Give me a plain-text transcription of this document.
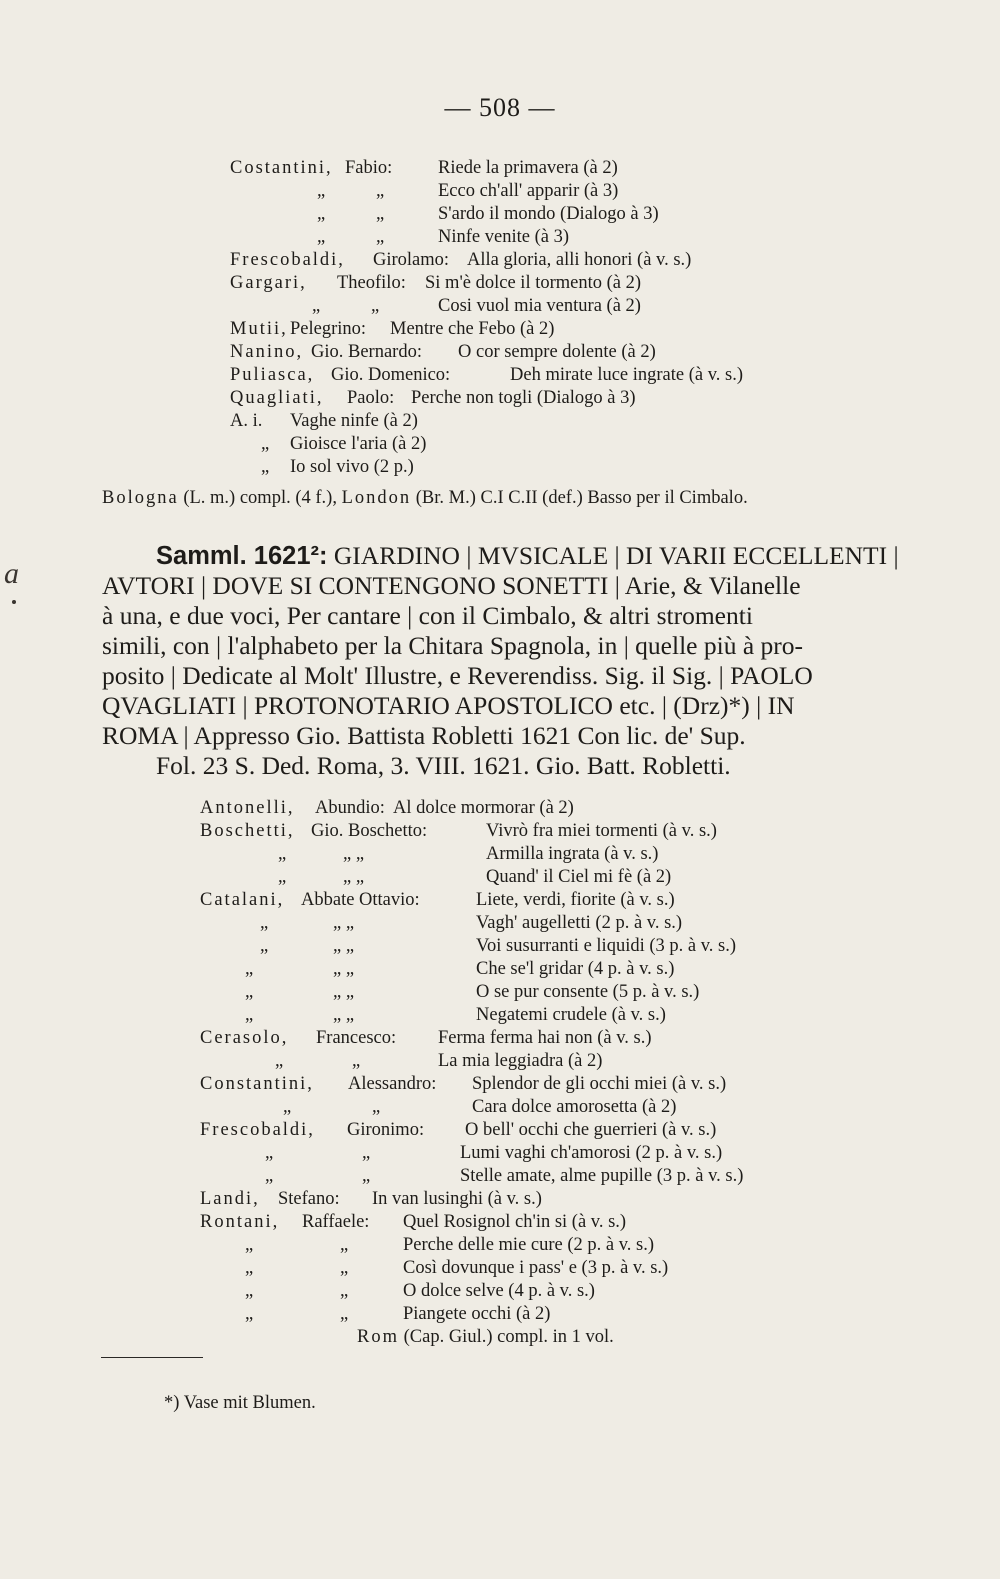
— 508 —
Costantini, Fabio: Riede la primavera (à 2)
„	„	Ecco ch'all' apparir (à 3)
„	„	S'ardo il mondo (Dialogo à 3)
„	„	Ninfe venite (à 3)
Frescobaldi, Girolamo: Alla gloria, alli honori (à v. s.)
Gargari, Theofilo: Si m'è dolce il tormento (à 2)
„	„	Cosi vuol mia ventura (à 2)
Mutii, Pelegrino: Mentre che Febo (à 2)
Nanino, Gio. Bernardo: O cor sempre dolente (à 2)
Puliasca, Gio. Domenico:	Deh mirate luce ingrate (à v. s.)
Quagliati, Paolo: Perche non togli (Dialogo à 3)
A. i. Vaghe ninfe (à 2)
„ Gioisce l'aria (à 2)
„ Io sol vivo (2 p.)
Bologna (L. m.) compl. (4 f.), London (Br. M.) C.I C.II (def.) Basso per il Cimbalo.
a
Samml. 1621²: GIARDINO | MVSICALE | DI VARII ECCELLENTI |
AVTORI | DOVE SI CONTENGONO SONETTI | Arie, & Vilanelle
à una, e due voci, Per cantare | con il Cimbalo, & altri stromenti
simili, con | l'alphabeto per la Chitara Spagnola, in | quelle più à pro-
posito | Dedicate al Molt' Illustre, e Reverendiss. Sig. il Sig. | PAOLO
QVAGLIATI | PROTONOTARIO APOSTOLICO etc. | (Drz)*) | IN
ROMA | Appresso Gio. Battista Robletti 1621 Con lic. de' Sup.
Fol. 23 S. Ded. Roma, 3. VIII. 1621. Gio. Batt. Robletti.
Antonelli, Abundio: Al dolce mormorar (à 2)
Boschetti, Gio. Boschetto:	Vivrò fra miei tormenti (à v. s.)
„	„ „	Armilla ingrata (à v. s.)
„	„ „	Quand' il Ciel mi fè (à 2)
Catalani, Abbate Ottavio:	Liete, verdi, fiorite (à v. s.)
„	„ „	Vagh' augelletti (2 p. à v. s.)
„	„ „	Voi susurranti e liquidi (3 p. à v. s.)
„	„ „	Che se'l gridar (4 p. à v. s.)
„	„ „	O se pur consente (5 p. à v. s.)
„	„ „	Negatemi crudele (à v. s.)
Cerasolo, Francesco: Ferma ferma hai non (à v. s.)
„	„	La mia leggiadra (à 2)
Constantini, Alessandro: Splendor de gli occhi miei (à v. s.)
„	„	Cara dolce amorosetta (à 2)
Frescobaldi, Gironimo: O bell' occhi che guerrieri (à v. s.)
„	„	Lumi vaghi ch'amorosi (2 p. à v. s.)
„	„	Stelle amate, alme pupille (3 p. à v. s.)
Landi, Stefano: In van lusinghi (à v. s.)
Rontani, Raffaele: Quel Rosignol ch'in si (à v. s.)
„	„	Perche delle mie cure (2 p. à v. s.)
„	„	Così dovunque i pass' e (3 p. à v. s.)
„	„	O dolce selve (4 p. à v. s.)
„	„	Piangete occhi (à 2)
Rom (Cap. Giul.) compl. in 1 vol.
*) Vase mit Blumen.
